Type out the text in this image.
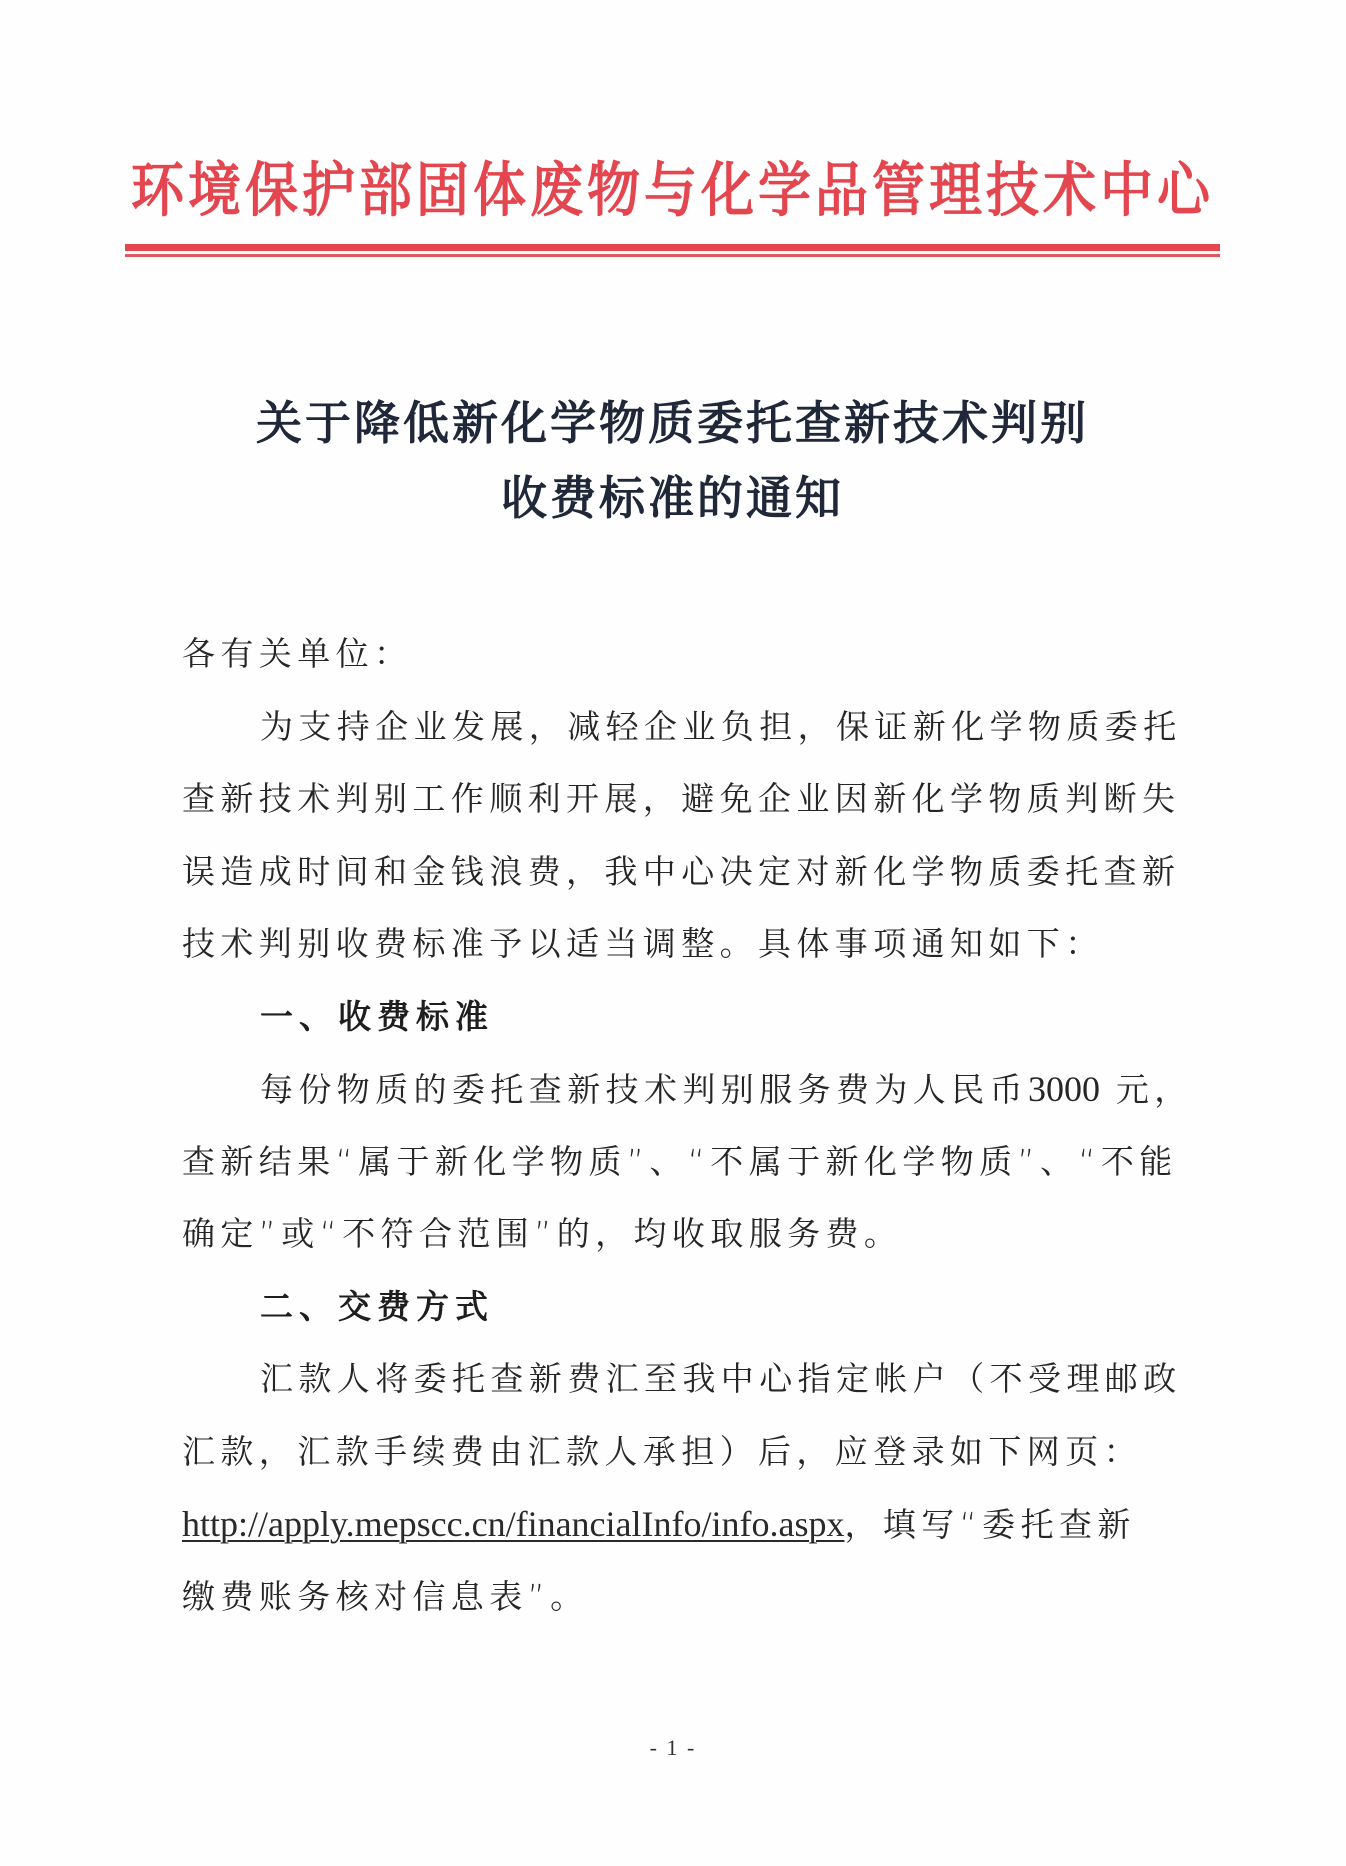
环境保护部固体废物与化学品管理技术中心
关于降低新化学物质委托查新技术判别
收费标准的通知
各有关单位：
为支持企业发展，减轻企业负担，保证新化学物质委托
查新技术判别工作顺利开展，避免企业因新化学物质判断失
误造成时间和金钱浪费，我中心决定对新化学物质委托查新
技术判别收费标准予以适当调整。具体事项通知如下：
一、收费标准
每份物质的委托查新技术判别服务费为人民币3000 元，
查新结果“属于新化学物质”、“不属于新化学物质”、“不能
确定”或“不符合范围”的，均收取服务费。
二、交费方式
汇款人将委托查新费汇至我中心指定帐户（不受理邮政
汇款，汇款手续费由汇款人承担）后，应登录如下网页：
http://apply.mepscc.cn/financialInfo/info.aspx，填写“委托查新
缴费账务核对信息表”。
- 1 -
